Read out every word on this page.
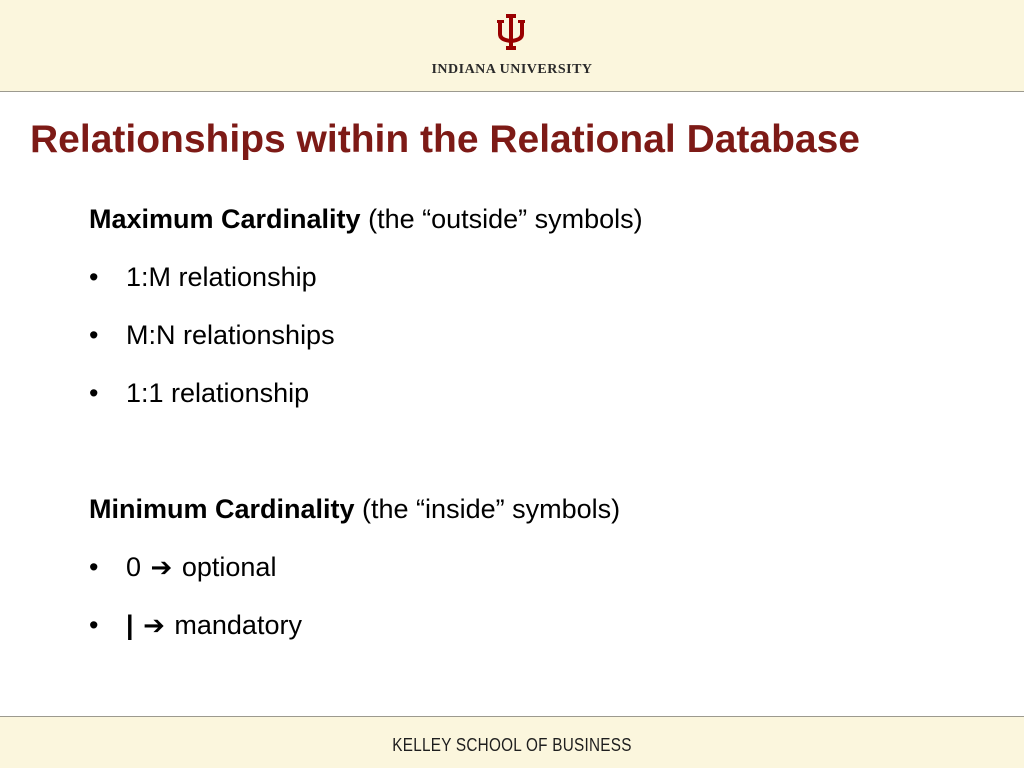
INDIANA UNIVERSITY
Relationships within the Relational Database
Maximum Cardinality (the “outside” symbols)
• 1:M relationship
• M:N relationships
• 1:1 relationship
Minimum Cardinality (the “inside” symbols)
• 0 ➔ optional
• | ➔ mandatory
KELLEY SCHOOL OF BUSINESS
